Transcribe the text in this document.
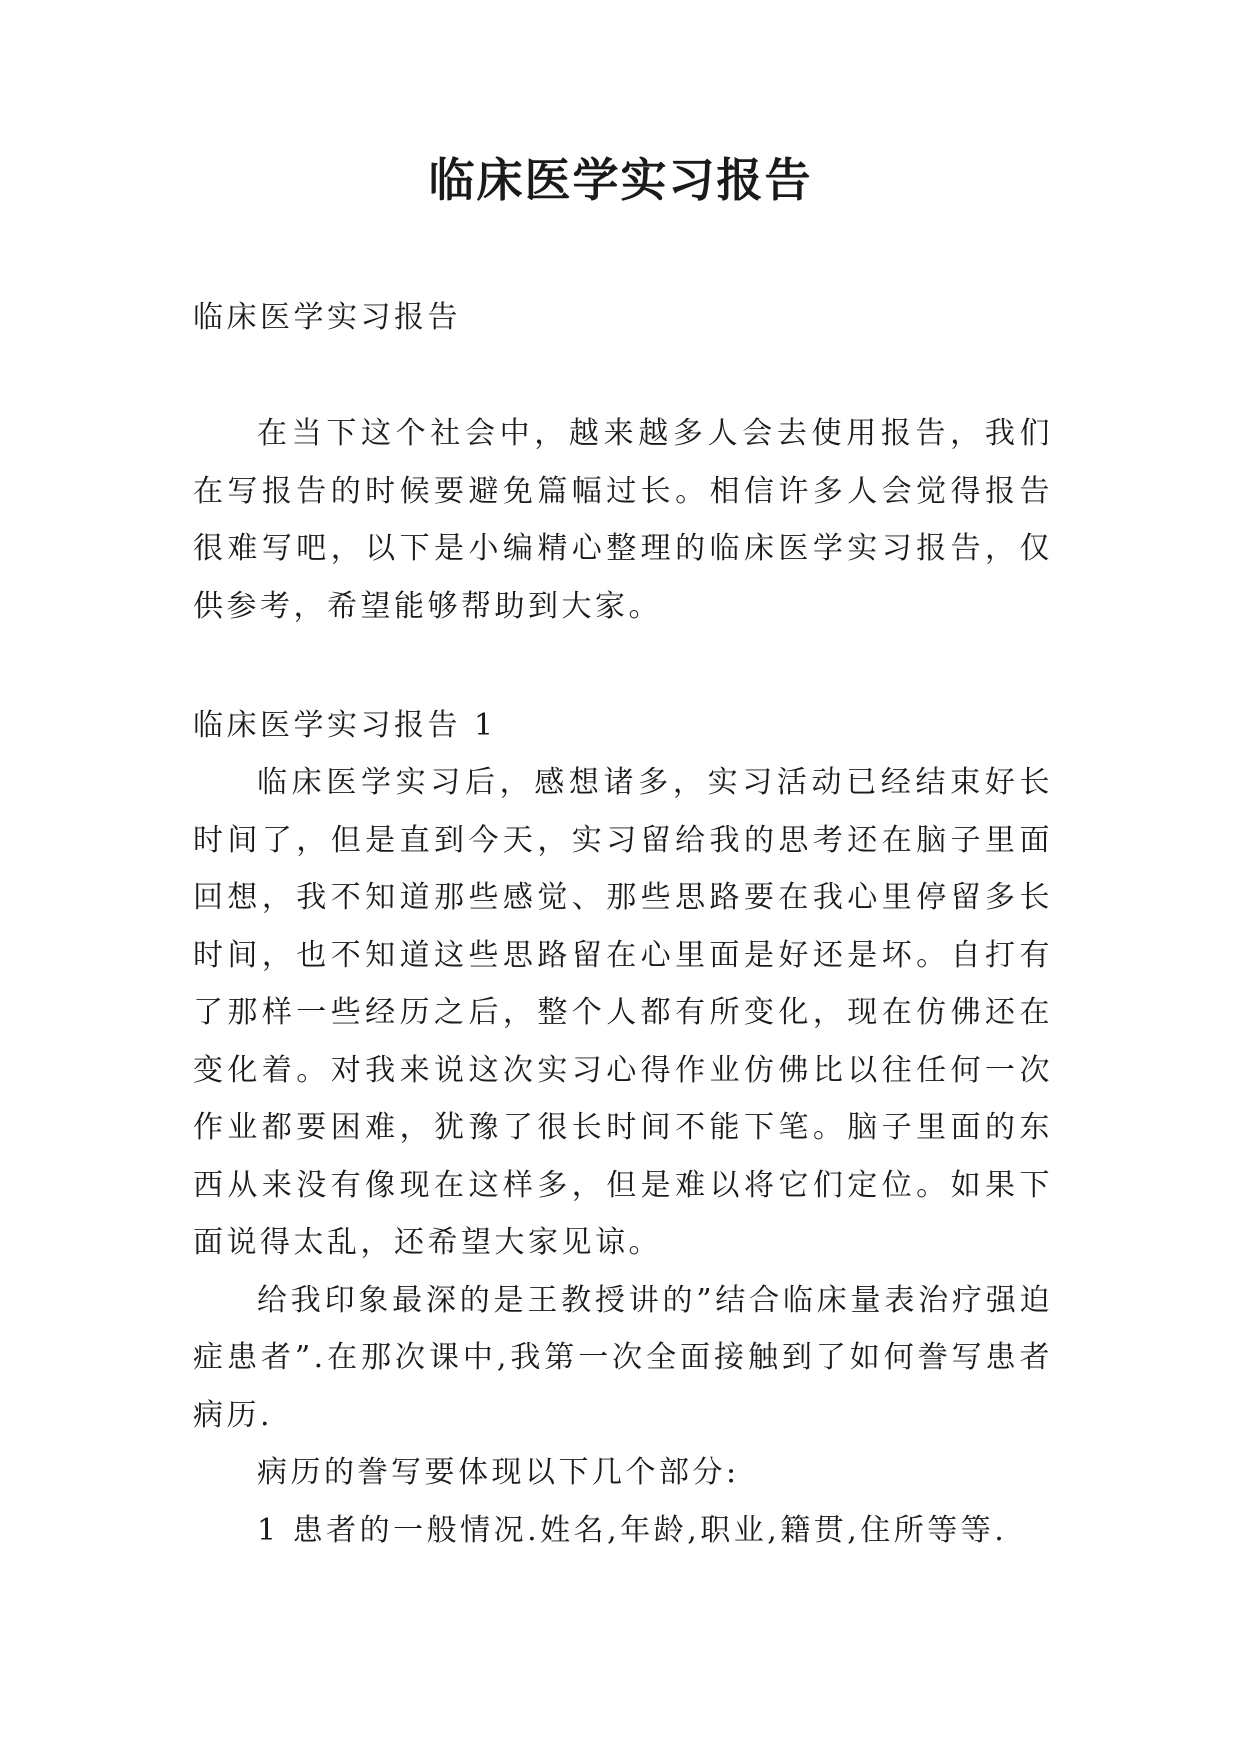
临床医学实习报告

临床医学实习报告

在当下这个社会中，越来越多人会去使用报告，我们在写报告的时候要避免篇幅过长。相信许多人会觉得报告很难写吧，以下是小编精心整理的临床医学实习报告，仅供参考，希望能够帮助到大家。

临床医学实习报告 1

临床医学实习后，感想诸多，实习活动已经结束好长时间了，但是直到今天，实习留给我的思考还在脑子里面回想，我不知道那些感觉、那些思路要在我心里停留多长时间，也不知道这些思路留在心里面是好还是坏。自打有了那样一些经历之后，整个人都有所变化，现在仿佛还在变化着。对我来说这次实习心得作业仿佛比以往任何一次作业都要困难，犹豫了很长时间不能下笔。脑子里面的东西从来没有像现在这样多，但是难以将它们定位。如果下面说得太乱，还希望大家见谅。

给我印象最深的是王教授讲的”结合临床量表治疗强迫症患者”.在那次课中,我第一次全面接触到了如何誊写患者病历.

病历的誊写要体现以下几个部分:

1 患者的一般情况.姓名,年龄,职业,籍贯,住所等等.
